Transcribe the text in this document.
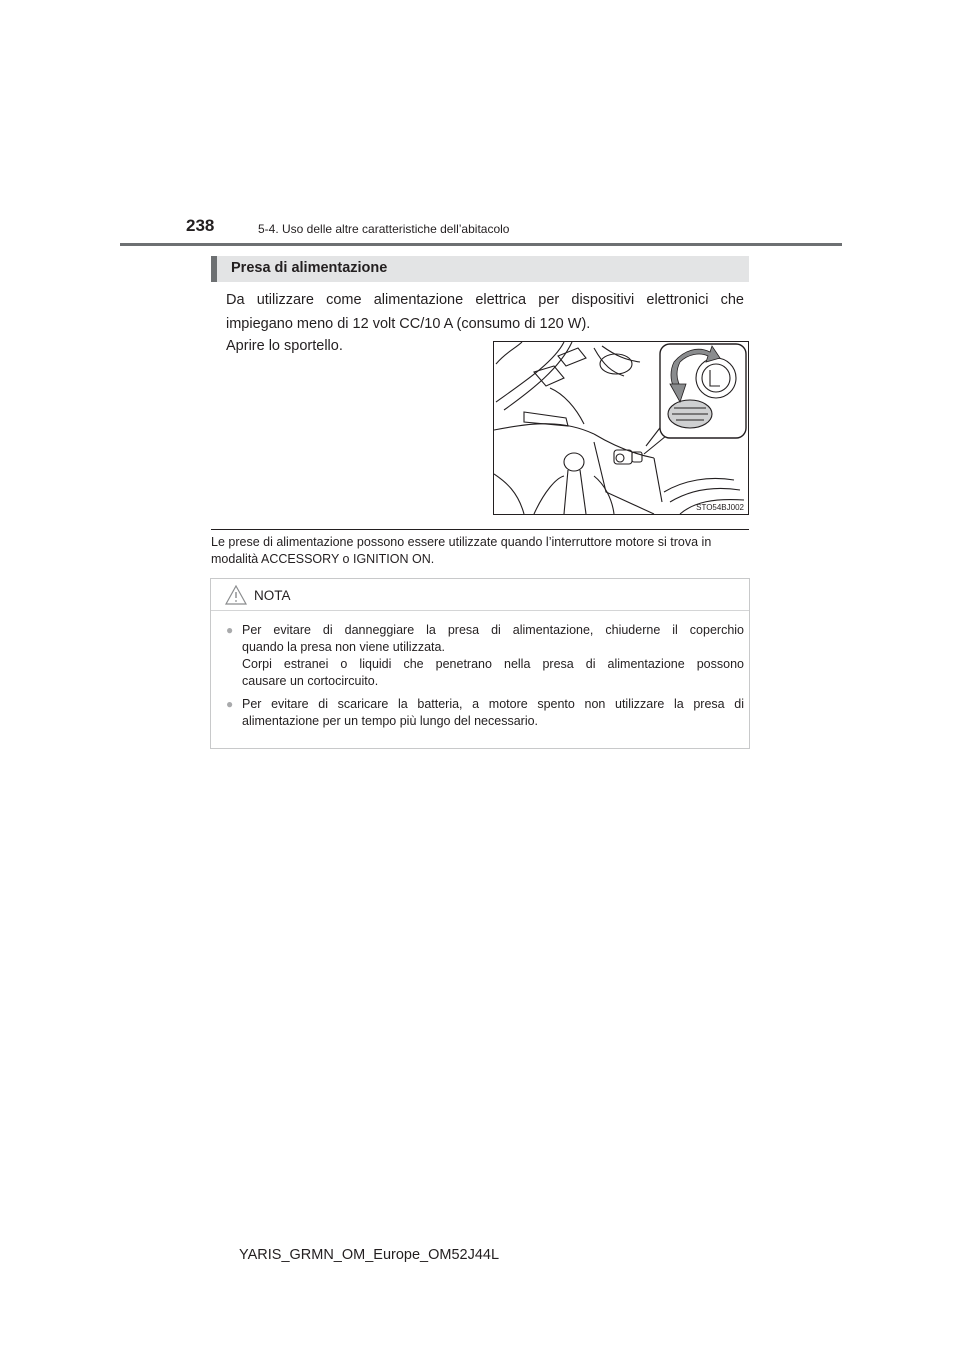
238	5-4. Uso delle altre caratteristiche dell’abitacolo
Presa di alimentazione

Da utilizzare come alimentazione elettrica per dispositivi elettronici che impiegano meno di 12 volt CC/10 A (consumo di 120 W).

Aprire lo sportello.
STO54BJ002

Le prese di alimentazione possono essere utilizzate quando l’interruttore motore si trova in modalità ACCESSORY o IGNITION ON.

NOTA
● Per evitare di danneggiare la presa di alimentazione, chiuderne il coperchio
quando la presa non viene utilizzata.
Corpi estranei o liquidi che penetrano nella presa di alimentazione possono
causare un cortocircuito.
● Per evitare di scaricare la batteria, a motore spento non utilizzare la presa di
alimentazione per un tempo più lungo del necessario.
YARIS_GRMN_OM_Europe_OM52J44L
